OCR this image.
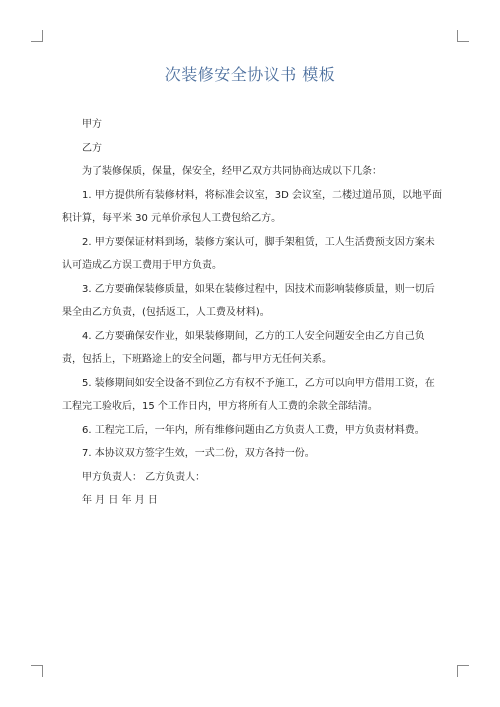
次装修安全协议书 模板

甲方

乙方

为了装修保质，保量，保安全，经甲乙双方共同协商达成以下几条：

1. 甲方提供所有装修材料，将标准会议室，3D 会议室，二楼过道吊顶，以地平面积计算，每平米 30 元单价承包人工费包给乙方。

2. 甲方要保证材料到场，装修方案认可，脚手架租赁，工人生活费预支因方案未认可造成乙方误工费用于甲方负责。

3. 乙方要确保装修质量，如果在装修过程中，因技术而影响装修质量，则一切后果全由乙方负责，(包括返工，人工费及材料)。

4. 乙方要确保安作业，如果装修期间，乙方的工人安全问题安全由乙方自己负责，包括上，下班路途上的安全问题，都与甲方无任何关系。

5. 装修期间如安全设备不到位乙方有权不予施工，乙方可以向甲方借用工资，在工程完工验收后，15 个工作日内，甲方将所有人工费的余款全部结清。

6. 工程完工后，一年内，所有维修问题由乙方负责人工费，甲方负责材料费。

7. 本协议双方签字生效，一式二份，双方各持一份。

甲方负责人： 乙方负责人：

年 月 日 年 月 日
